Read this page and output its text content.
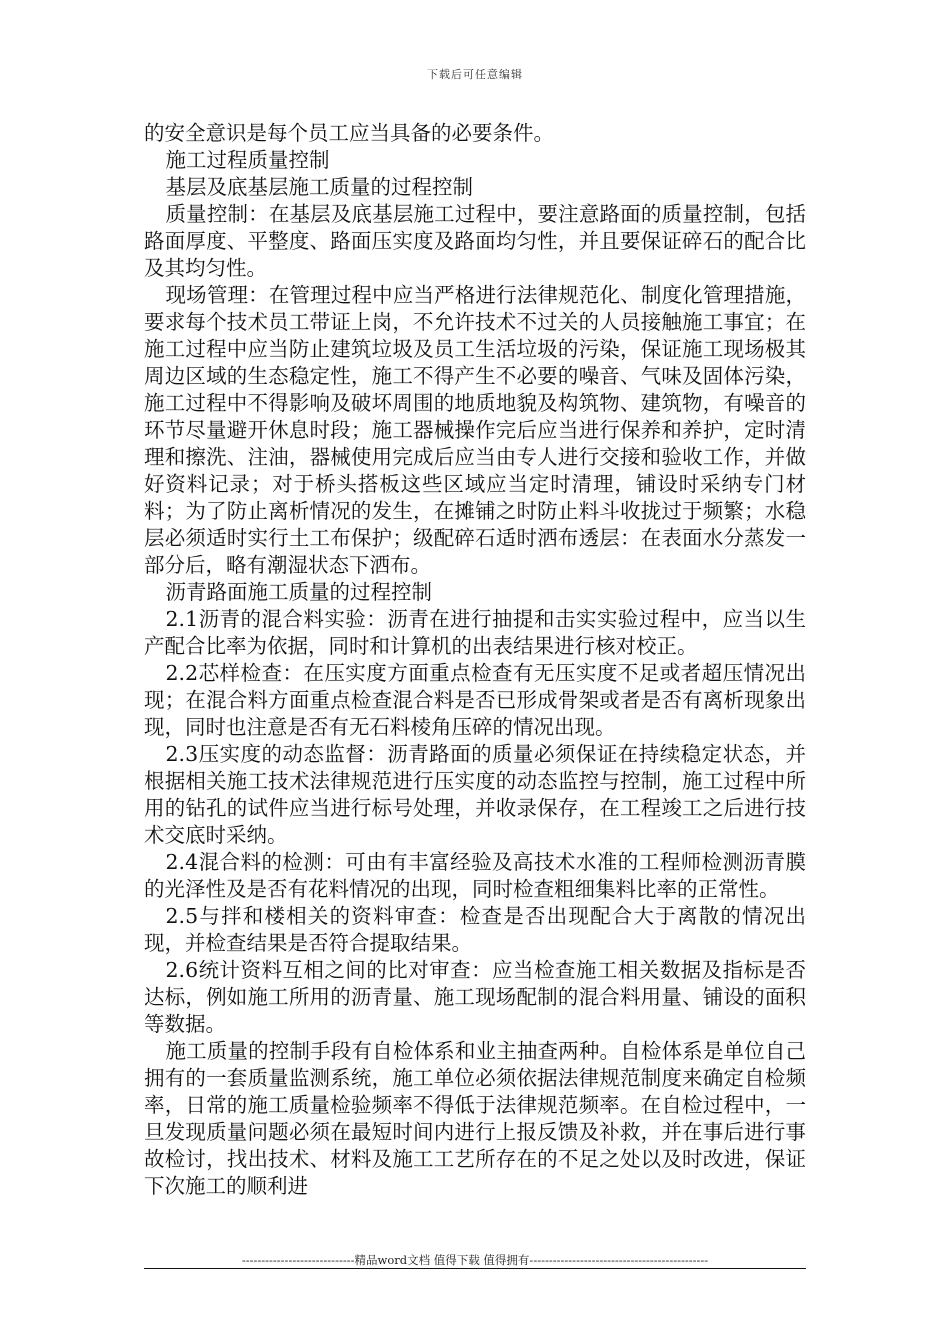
下载后可任意编辑

的安全意识是每个员工应当具备的必要条件。

施工过程质量控制

基层及底基层施工质量的过程控制

质量控制：在基层及底基层施工过程中，要注意路面的质量控制，包括路面厚度、平整度、路面压实度及路面均匀性，并且要保证碎石的配合比及其均匀性。

现场管理：在管理过程中应当严格进行法律规范化、制度化管理措施，要求每个技术员工带证上岗，不允许技术不过关的人员接触施工事宜；在施工过程中应当防止建筑垃圾及员工生活垃圾的污染，保证施工现场极其周边区域的生态稳定性，施工不得产生不必要的噪音、气味及固体污染，施工过程中不得影响及破坏周围的地质地貌及构筑物、建筑物，有噪音的环节尽量避开休息时段；施工器械操作完后应当进行保养和养护，定时清理和擦洗、注油，器械使用完成后应当由专人进行交接和验收工作，并做好资料记录；对于桥头搭板这些区域应当定时清理，铺设时采纳专门材料；为了防止离析情况的发生，在摊铺之时防止料斗收拢过于频繁；水稳层必须适时实行土工布保护；级配碎石适时洒布透层：在表面水分蒸发一部分后，略有潮湿状态下洒布。

沥青路面施工质量的过程控制

2.1沥青的混合料实验：沥青在进行抽提和击实实验过程中，应当以生产配合比率为依据，同时和计算机的出表结果进行核对校正。

2.2芯样检查：在压实度方面重点检查有无压实度不足或者超压情况出现；在混合料方面重点检查混合料是否已形成骨架或者是否有离析现象出现，同时也注意是否有无石料棱角压碎的情况出现。

2.3压实度的动态监督：沥青路面的质量必须保证在持续稳定状态，并根据相关施工技术法律规范进行压实度的动态监控与控制，施工过程中所用的钻孔的试件应当进行标号处理，并收录保存，在工程竣工之后进行技术交底时采纳。

2.4混合料的检测：可由有丰富经验及高技术水准的工程师检测沥青膜的光泽性及是否有花料情况的出现，同时检查粗细集料比率的正常性。

2.5与拌和楼相关的资料审查：检查是否出现配合大于离散的情况出现，并检查结果是否符合提取结果。

2.6统计资料互相之间的比对审查：应当检查施工相关数据及指标是否达标，例如施工所用的沥青量、施工现场配制的混合料用量、铺设的面积等数据。

施工质量的控制手段有自检体系和业主抽查两种。自检体系是单位自己拥有的一套质量监测系统，施工单位必须依据法律规范制度来确定自检频率，日常的施工质量检验频率不得低于法律规范频率。在自检过程中，一旦发现质量问题必须在最短时间内进行上报反馈及补救，并在事后进行事故检讨，找出技术、材料及施工工艺所存在的不足之处以及时改进，保证下次施工的顺利进

-----------------------------精品word文档 值得下载 值得拥有----------------------------------------------
